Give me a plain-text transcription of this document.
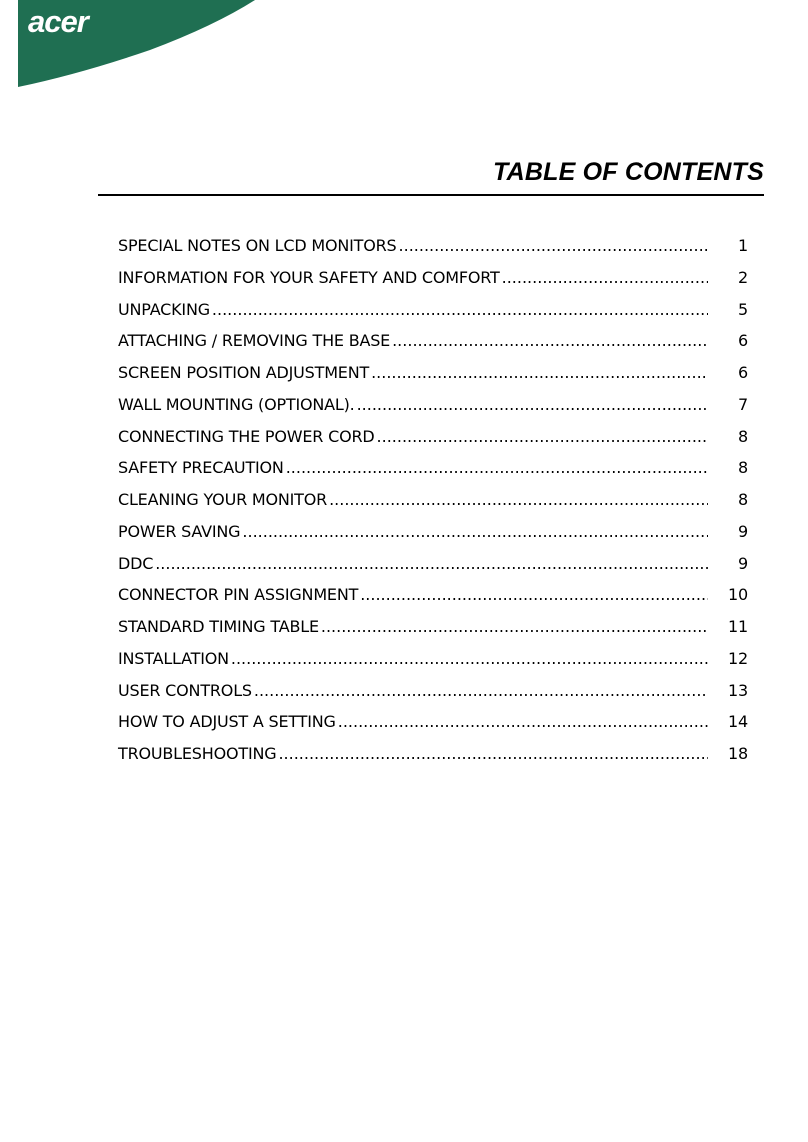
acer
TABLE OF CONTENTS
SPECIAL NOTES ON LCD MONITORS .....	1
INFORMATION FOR YOUR SAFETY AND COMFORT .....	2
UNPACKING .....	5
ATTACHING / REMOVING THE BASE .....	6
SCREEN POSITION ADJUSTMENT .....	6
WALL MOUNTING (OPTIONAL). .....	7
CONNECTING THE POWER CORD .....	8
SAFETY PRECAUTION .....	8
CLEANING YOUR MONITOR .....	8
POWER SAVING .....	9
DDC .....	9
CONNECTOR PIN ASSIGNMENT .....	10
STANDARD TIMING TABLE .....	11
INSTALLATION .....	12
USER CONTROLS .....	13
HOW TO ADJUST A SETTING .....	14
TROUBLESHOOTING .....	18
